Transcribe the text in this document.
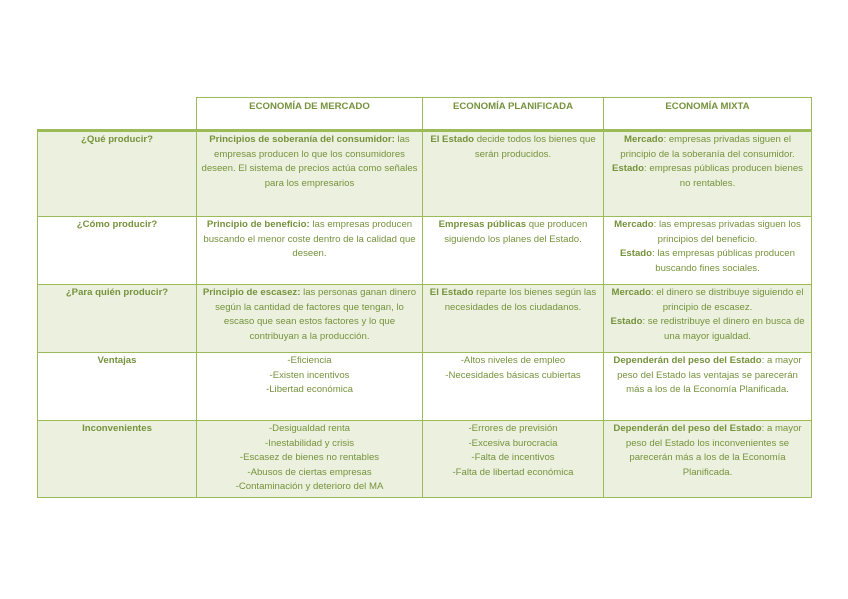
	ECONOMÍA DE MERCADO	ECONOMÍA PLANIFICADA	ECONOMÍA MIXTA
¿Qué producir?	Principios de soberanía del consumidor: las empresas producen lo que los consumidores deseen. El sistema de precios actúa como señales para los empresarios	El Estado decide todos los bienes que serán producidos.	Mercado: empresas privadas siguen el principio de la soberanía del consumidor.
Estado: empresas públicas producen bienes no rentables.

¿Cómo producir?	Principio de beneficio: las empresas producen buscando el menor coste dentro de la calidad que deseen.	Empresas públicas que producen siguiendo los planes del Estado.	Mercado: las empresas privadas siguen los principios del beneficio.
Estado: las empresas públicas producen buscando fines sociales.

¿Para quién producir?	Principio de escasez: las personas ganan dinero según la cantidad de factores que tengan, lo escaso que sean estos factores y lo que contribuyan a la producción.	El Estado reparte los bienes según las necesidades de los ciudadanos.	Mercado: el dinero se distribuye siguiendo el principio de escasez.
Estado: se redistribuye el dinero en busca de una mayor igualdad.

Ventajas	-Eficiencia
-Existen incentivos
-Libertad económica	-Altos niveles de empleo
-Necesidades básicas cubiertas	Dependerán del peso del Estado: a mayor peso del Estado las ventajas se parecerán más a los de la Economía Planificada.
Inconvenientes	-Desigualdad renta
-Inestabilidad y crisis
-Escasez de bienes no rentables
-Abusos de ciertas empresas
-Contaminación y deterioro del MA	-Errores de previsión
-Excesiva burocracia
-Falta de incentivos
-Falta de libertad económica	Dependerán del peso del Estado: a mayor peso del Estado los inconvenientes se parecerán más a los de la Economía Planificada.
